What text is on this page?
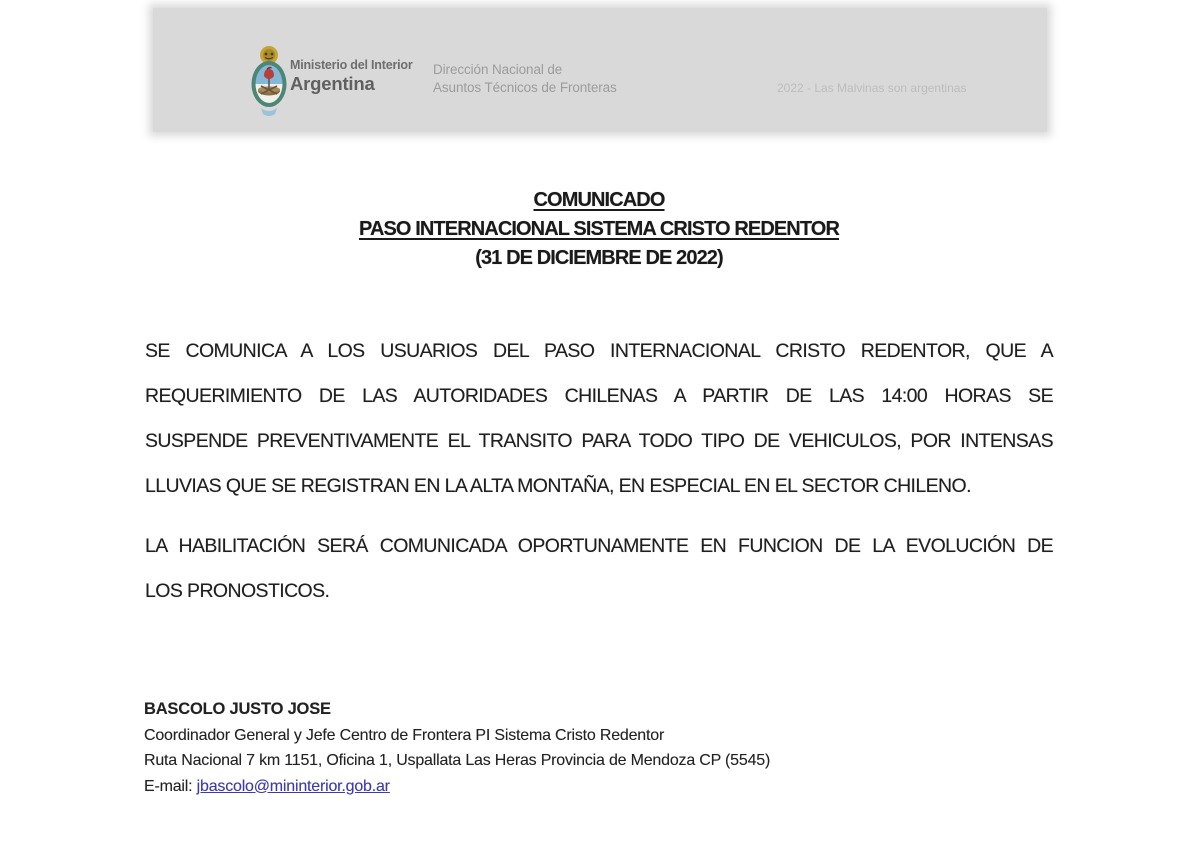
Ministerio del Interior
Argentina
Dirección Nacional de
Asuntos Técnicos de Fronteras	2022 - Las Malvinas son argentinas
COMUNICADO
PASO INTERNACIONAL SISTEMA CRISTO REDENTOR
(31 DE DICIEMBRE DE 2022)
SE COMUNICA A LOS USUARIOS DEL PASO INTERNACIONAL CRISTO REDENTOR, QUE A
REQUERIMIENTO DE LAS AUTORIDADES CHILENAS A PARTIR DE LAS 14:00 HORAS SE
SUSPENDE PREVENTIVAMENTE EL TRANSITO PARA TODO TIPO DE VEHICULOS, POR INTENSAS
LLUVIAS QUE SE REGISTRAN EN LA ALTA MONTAÑA, EN ESPECIAL EN EL SECTOR CHILENO.
LA HABILITACIÓN SERÁ COMUNICADA OPORTUNAMENTE EN FUNCION DE LA EVOLUCIÓN DE
LOS PRONOSTICOS.
BASCOLO JUSTO JOSE
Coordinador General y Jefe Centro de Frontera PI Sistema Cristo Redentor
Ruta Nacional 7 km 1151, Oficina 1, Uspallata Las Heras Provincia de Mendoza CP (5545)
E-mail: jbascolo@mininterior.gob.ar
